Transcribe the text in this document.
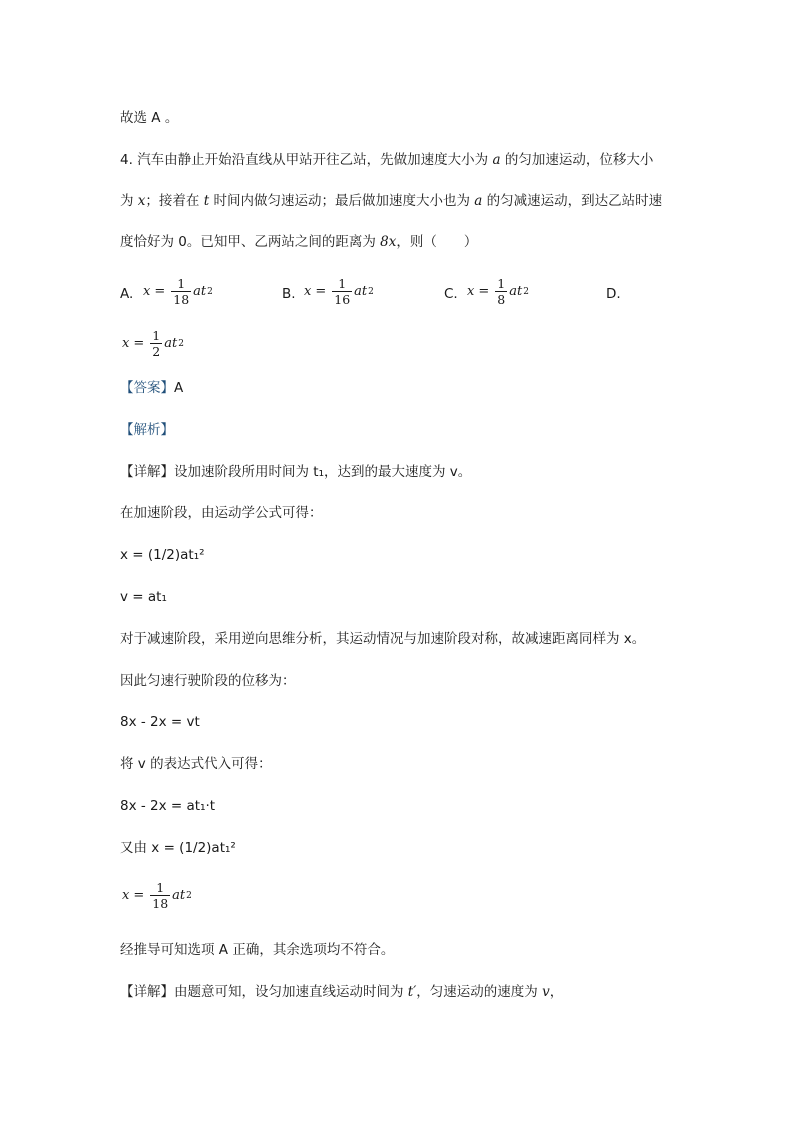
故选 A 。
4. 汽车由静止开始沿直线从甲站开往乙站，先做加速度大小为 a 的匀加速运动，位移大小
为 x；接着在 t 时间内做匀速运动；最后做加速度大小也为 a 的匀减速运动，到达乙站时速
度恰好为 0。已知甲、乙两站之间的距离为 8x，则（　　）
A. $x = \frac{1}{18}$ at 2	B. $x = \frac{1}{16}$ at 2	C. $x = \frac{1}{8}$ at 2	D.
$x = \frac{1}{2}$ at 2
【答案】A
【解析】
【详解】设加速阶段所用时间为 t₁，达到的最大速度为 v。
在加速阶段，由运动学公式可得：
x = (1/2)at₁²
v = at₁
对于减速阶段，采用逆向思维分析，其运动情况与加速阶段对称，故减速距离同样为 x。
因此匀速行驶阶段的位移为：
8x - 2x = vt
将 v 的表达式代入可得：
8x - 2x = at₁·t
又由 x = (1/2)at₁²
$x = \frac{1}{18}$ at 2
经推导可知选项 A 正确，其余选项均不符合。
【详解】由题意可知，设匀加速直线运动时间为 t′，匀速运动的速度为 v，
